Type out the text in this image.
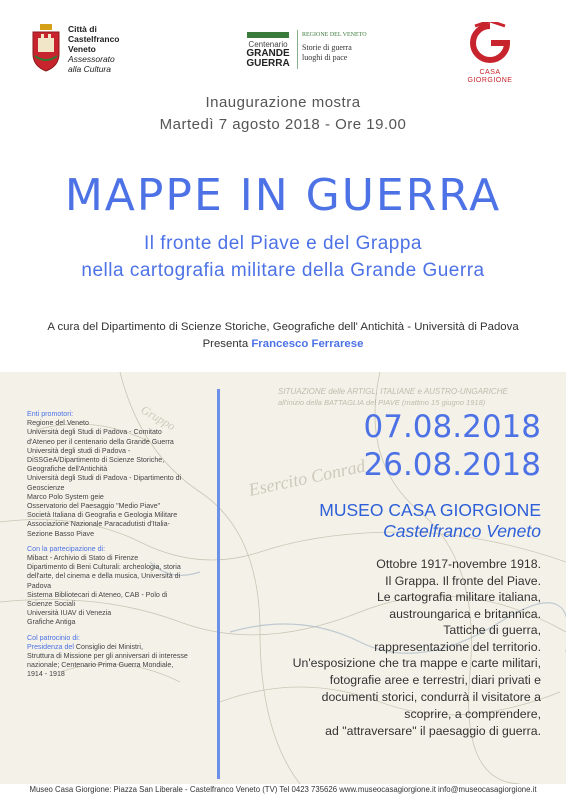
Città di
Castelfranco
Veneto
Assessorato
alla Cultura
Centenario
GRANDE
GUERRA
REGIONE DEL VENETO
Storie di guerra
luoghi di pace
CASA
GIORGIONE
Inaugurazione mostra
Martedì 7 agosto 2018 - Ore 19.00
MAPPE IN GUERRA
Il fronte del Piave e del Grappa
nella cartografia militare della Grande Guerra
A cura del Dipartimento di Scienze Storiche, Geografiche dell' Antichità - Università di Padova
Presenta Francesco Ferrarese
Esercito Conrad
Gruppo
SITUAZIONE delle ARTIGL. ITALIANE e AUSTRO-UNGARICHE
all'inizio della BATTAGLIA del PIAVE (mattino 15 giugno 1918)
Enti promotori:
Regione del Veneto
Università degli Studi di Padova - Comitato
d'Ateneo per il centenario della Grande Guerra
Università degli studi di Padova -
DiSSGeA/Dipartimento di Scienze Storiche,
Geografiche dell'Antichità
Università degli Studi di Padova - Dipartimento di
Geoscienze
Marco Polo System geie
Osservatorio del Paesaggio "Medio Piave"
Società Italiana di Geografia e Geologia Militare
Associazione Nazionale Paracadutisti d'Italia-
Sezione Basso Piave
Con la partecipazione di:
Mibact - Archivio di Stato di Firenze
Dipartimento di Beni Culturali: archeologia, storia
dell'arte, del cinema e della musica, Università di
Padova
Sistema Bibliotecari di Ateneo, CAB - Polo di
Scienze Sociali
Università IUAV di Venezia
Grafiche Antiga
Col patrocinio di:
Presidenza del Consiglio dei Ministri,
Struttura di Missione per gli anniversari di interesse
nazionale; Centenario Prima Guerra Mondiale,
1914 - 1918
07.08.2018
26.08.2018
MUSEO CASA GIORGIONE
Castelfranco Veneto
Ottobre 1917-novembre 1918.
Il Grappa. Il fronte del Piave.
Le cartografia militare italiana,
austroungarica e britannica.
Tattiche di guerra,
rappresentazione del territorio.
Un'esposizione che tra mappe e carte militari,
fotografie aree e terrestri, diari privati e
documenti storici, condurrà il visitatore a
scoprire, a comprendere,
ad "attraversare" il paesaggio di guerra.
Museo Casa Giorgione: Piazza San Liberale - Castelfranco Veneto (TV) Tel 0423 735626 www.museocasagiorgione.it info@museocasagiorgione.it
